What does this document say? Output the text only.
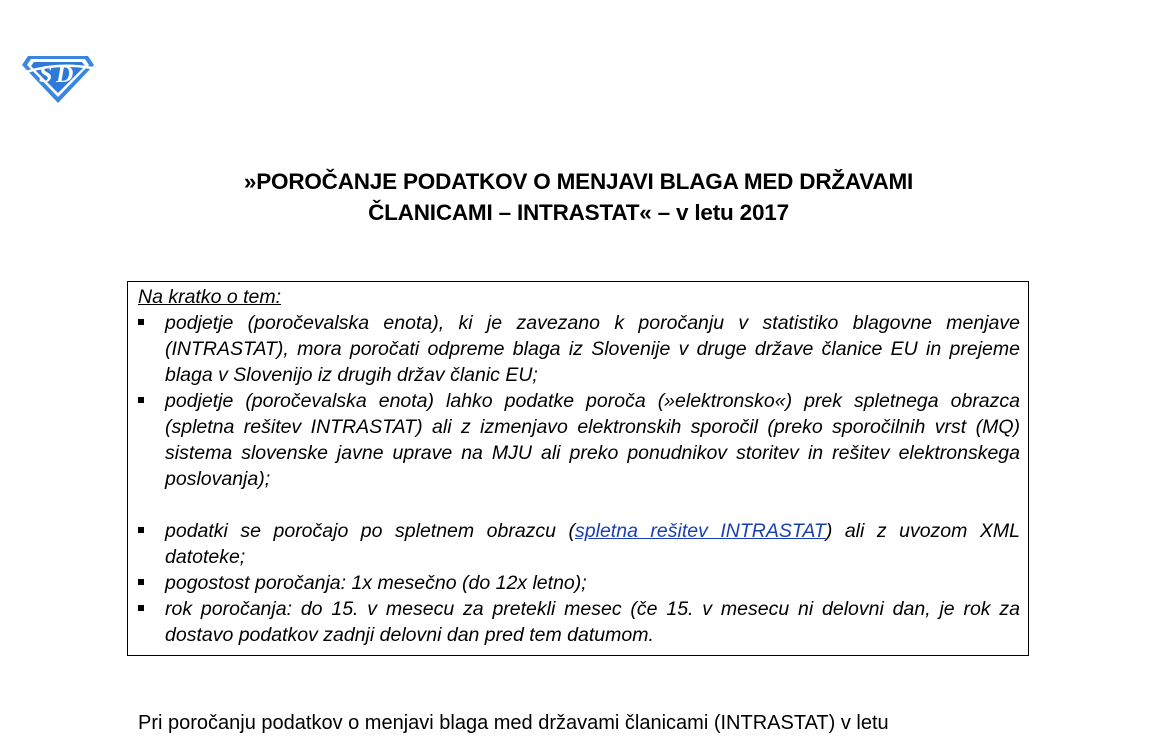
S D
»POROČANJE PODATKOV O MENJAVI BLAGA MED DRŽAVAMI
ČLANICAMI – INTRASTAT« – v letu 2017

Na kratko o tem:

podjetje (poročevalska enota), ki je zavezano k poročanju v statistiko blagovne menjave (INTRASTAT), mora poročati odpreme blaga iz Slovenije v druge države članice EU in prejeme blaga v Slovenijo iz drugih držav članic EU;
podjetje (poročevalska enota) lahko podatke poroča (»elektronsko«) prek spletnega obrazca (spletna rešitev INTRASTAT) ali z izmenjavo elektronskih sporočil (preko sporočilnih vrst (MQ) sistema slovenske javne uprave na MJU ali preko ponudnikov storitev in rešitev elektronskega poslovanja);
podatki se poročajo po spletnem obrazcu (spletna rešitev INTRASTAT) ali z uvozom XML datoteke;
pogostost poročanja: 1x mesečno (do 12x letno);
rok poročanja: do 15. v mesecu za pretekli mesec (če 15. v mesecu ni delovni dan, je rok za dostavo podatkov zadnji delovni dan pred tem datumom.
Pri poročanju podatkov o menjavi blaga med državami članicami (INTRASTAT) v letu
